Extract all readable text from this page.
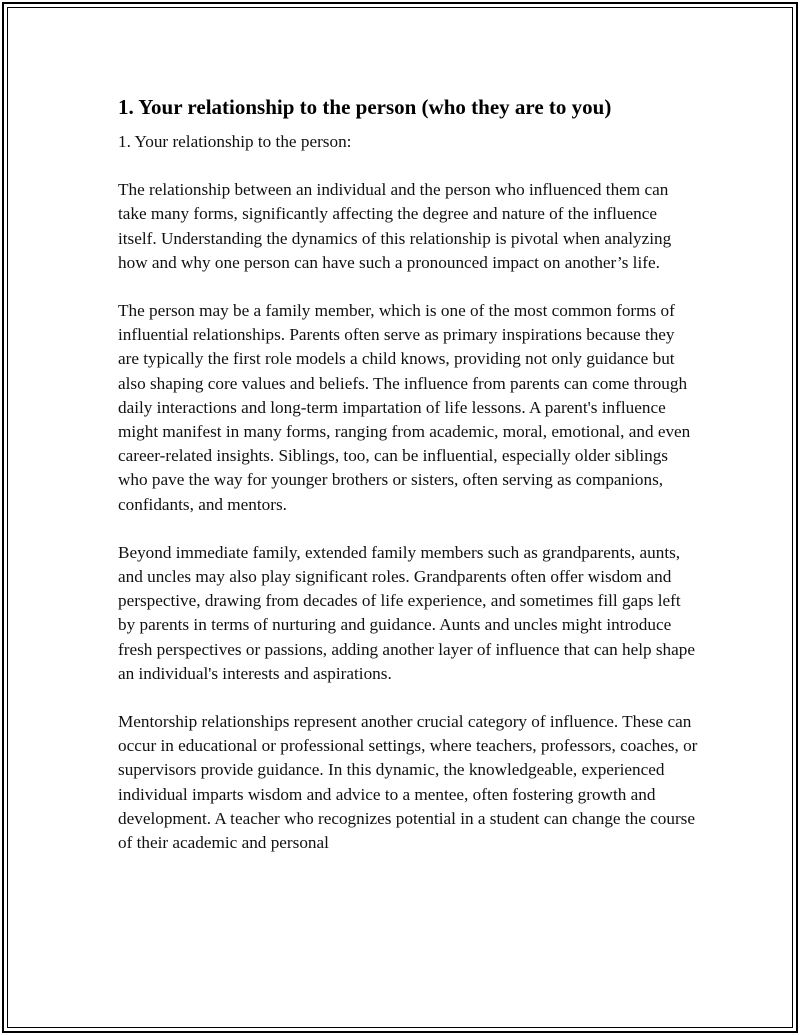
1. Your relationship to the person (who they are to you)

1. Your relationship to the person:

The relationship between an individual and the person who influenced them can take many forms, significantly affecting the degree and nature of the influence itself. Understanding the dynamics of this relationship is pivotal when analyzing how and why one person can have such a pronounced impact on another’s life.

The person may be a family member, which is one of the most common forms of influential relationships. Parents often serve as primary inspirations because they are typically the first role models a child knows, providing not only guidance but also shaping core values and beliefs. The influence from parents can come through daily interactions and long-term impartation of life lessons. A parent's influence might manifest in many forms, ranging from academic, moral, emotional, and even career-related insights. Siblings, too, can be influential, especially older siblings who pave the way for younger brothers or sisters, often serving as companions, confidants, and mentors.

Beyond immediate family, extended family members such as grandparents, aunts, and uncles may also play significant roles. Grandparents often offer wisdom and perspective, drawing from decades of life experience, and sometimes fill gaps left by parents in terms of nurturing and guidance. Aunts and uncles might introduce fresh perspectives or passions, adding another layer of influence that can help shape an individual's interests and aspirations.

Mentorship relationships represent another crucial category of influence. These can occur in educational or professional settings, where teachers, professors, coaches, or supervisors provide guidance. In this dynamic, the knowledgeable, experienced individual imparts wisdom and advice to a mentee, often fostering growth and development. A teacher who recognizes potential in a student can change the course of their academic and personal
